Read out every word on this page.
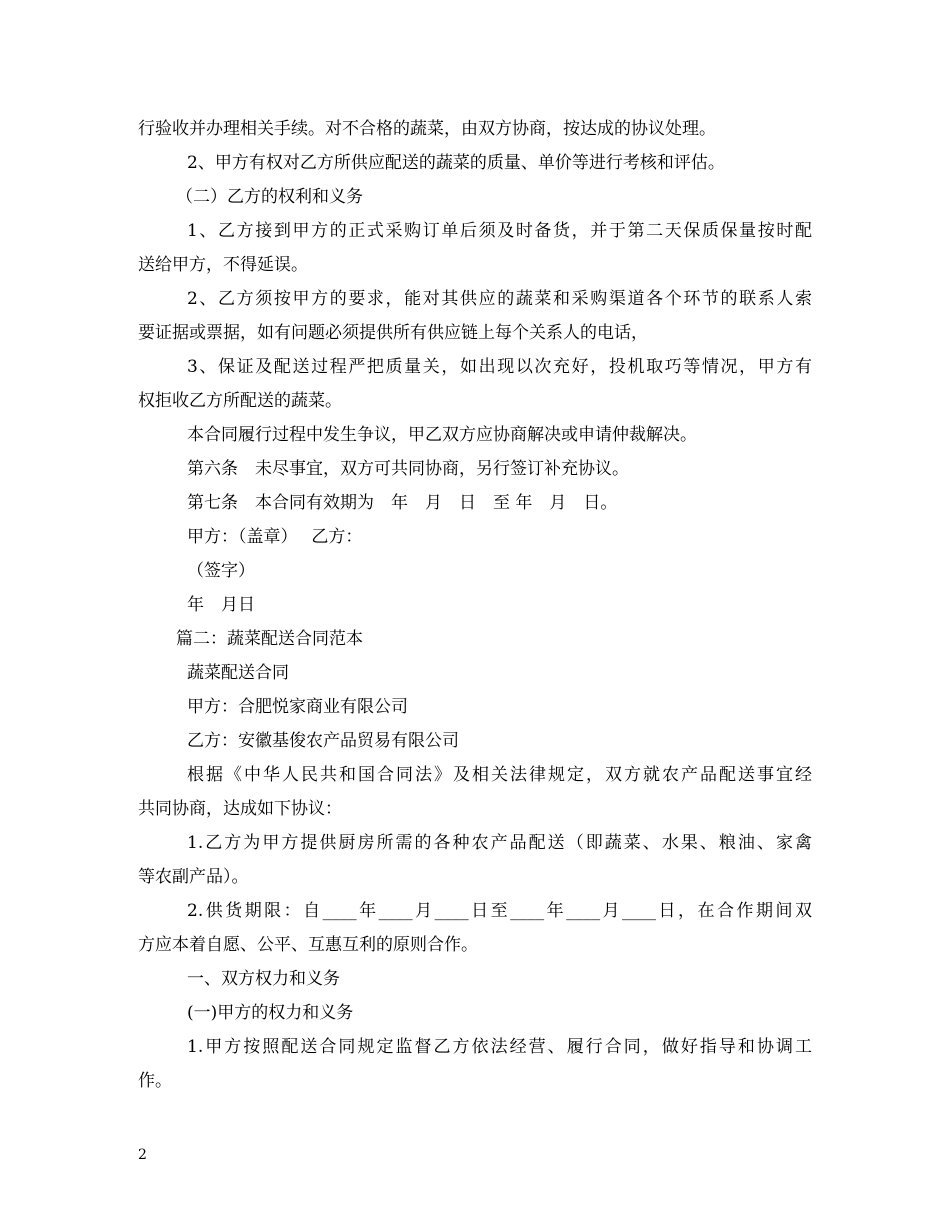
行验收并办理相关手续。对不合格的蔬菜，由双方协商，按达成的协议处理。
2、甲方有权对乙方所供应配送的蔬菜的质量、单价等进行考核和评估。
（二）乙方的权利和义务
1、乙方接到甲方的正式采购订单后须及时备货，并于第二天保质保量按时配
送给甲方，不得延误。
2、乙方须按甲方的要求，能对其供应的蔬菜和采购渠道各个环节的联系人索
要证据或票据，如有问题必须提供所有供应链上每个关系人的电话，
3、保证及配送过程严把质量关，如出现以次充好，投机取巧等情况，甲方有
权拒收乙方所配送的蔬菜。
本合同履行过程中发生争议，甲乙双方应协商解决或申请仲裁解决。
第六条　未尽事宜，双方可共同协商，另行签订补充协议。
第七条　本合同有效期为　年　月　日　至 年　月　日。
甲方：（盖章）　 乙方：
（签字）
年　月日
篇二：蔬菜配送合同范本
蔬菜配送合同
甲方：合肥悦家商业有限公司
乙方：安徽基俊农产品贸易有限公司
根据《中华人民共和国合同法》及相关法律规定，双方就农产品配送事宜经
共同协商，达成如下协议：
1.乙方为甲方提供厨房所需的各种农产品配送（即蔬菜、水果、粮油、家禽
等农副产品）。
2.供货期限：自____年____月____日至____年____月____日，在合作期间双
方应本着自愿、公平、互惠互利的原则合作。
一、双方权力和义务
(一)甲方的权力和义务
1.甲方按照配送合同规定监督乙方依法经营、履行合同，做好指导和协调工
作。
2
